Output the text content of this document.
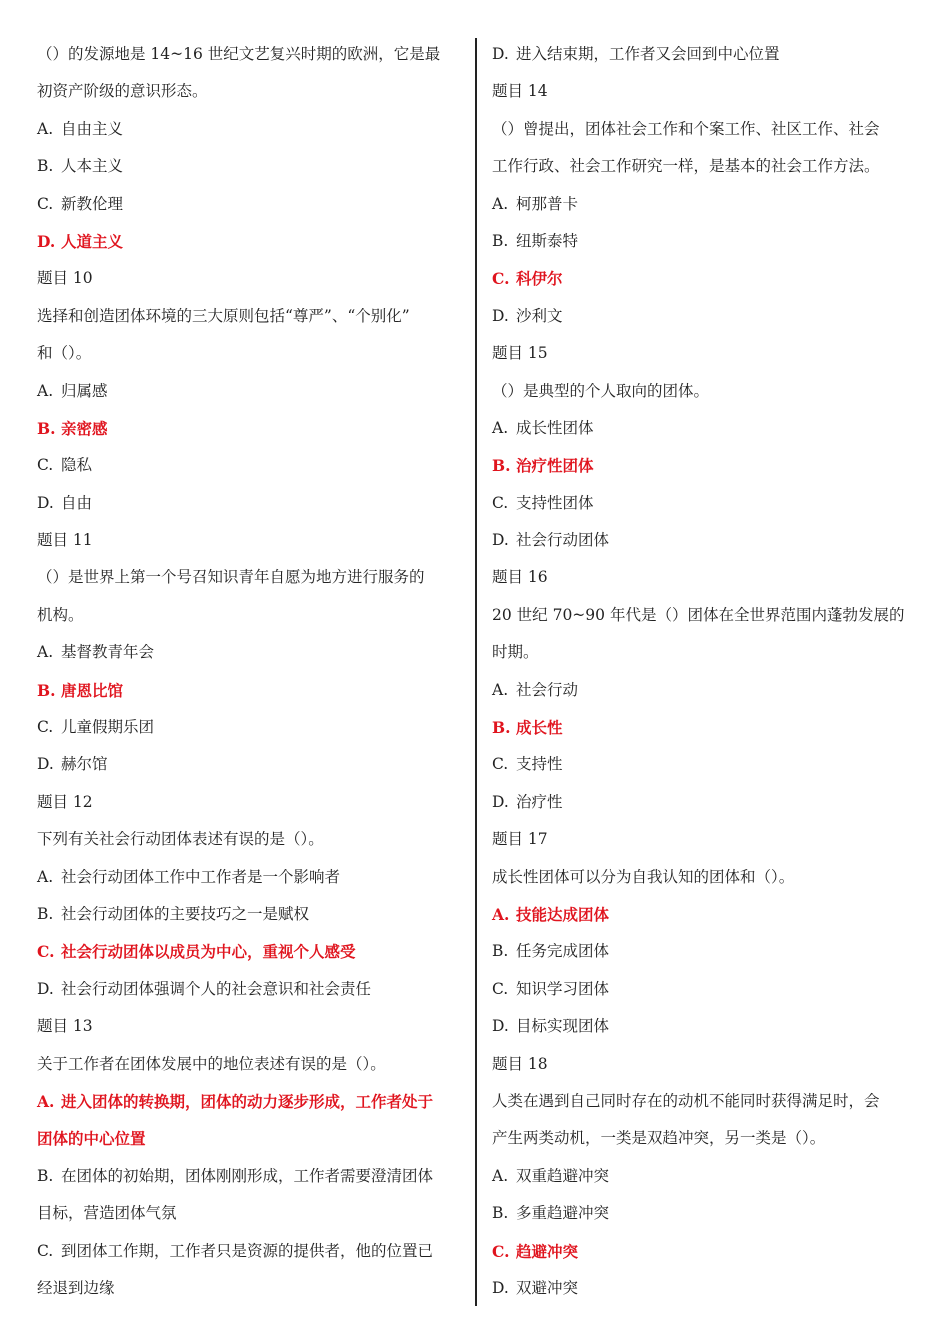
（）的发源地是 14~16 世纪文艺复兴时期的欧洲，它是最
初资产阶级的意识形态。
A. 自由主义
B. 人本主义
C. 新教伦理
D. 人道主义
题目 10
选择和创造团体环境的三大原则包括“尊严”、“个别化”
和（）。
A. 归属感
B. 亲密感
C. 隐私
D. 自由
题目 11
（）是世界上第一个号召知识青年自愿为地方进行服务的
机构。
A. 基督教青年会
B. 唐恩比馆
C. 儿童假期乐团
D. 赫尔馆
题目 12
下列有关社会行动团体表述有误的是（）。
A. 社会行动团体工作中工作者是一个影响者
B. 社会行动团体的主要技巧之一是赋权
C. 社会行动团体以成员为中心，重视个人感受
D. 社会行动团体强调个人的社会意识和社会责任
题目 13
关于工作者在团体发展中的地位表述有误的是（）。
A. 进入团体的转换期，团体的动力逐步形成，工作者处于
团体的中心位置
B. 在团体的初始期，团体刚刚形成，工作者需要澄清团体
目标，营造团体气氛
C. 到团体工作期，工作者只是资源的提供者，他的位置已
经退到边缘
D. 进入结束期，工作者又会回到中心位置
题目 14
（）曾提出，团体社会工作和个案工作、社区工作、社会
工作行政、社会工作研究一样，是基本的社会工作方法。
A. 柯那普卡
B. 纽斯泰特
C. 科伊尔
D. 沙利文
题目 15
（）是典型的个人取向的团体。
A. 成长性团体
B. 治疗性团体
C. 支持性团体
D. 社会行动团体
题目 16
20 世纪 70~90 年代是（）团体在全世界范围内蓬勃发展的
时期。
A. 社会行动
B. 成长性
C. 支持性
D. 治疗性
题目 17
成长性团体可以分为自我认知的团体和（）。
A. 技能达成团体
B. 任务完成团体
C. 知识学习团体
D. 目标实现团体
题目 18
人类在遇到自己同时存在的动机不能同时获得满足时，会
产生两类动机，一类是双趋冲突，另一类是（）。
A. 双重趋避冲突
B. 多重趋避冲突
C. 趋避冲突
D. 双避冲突
